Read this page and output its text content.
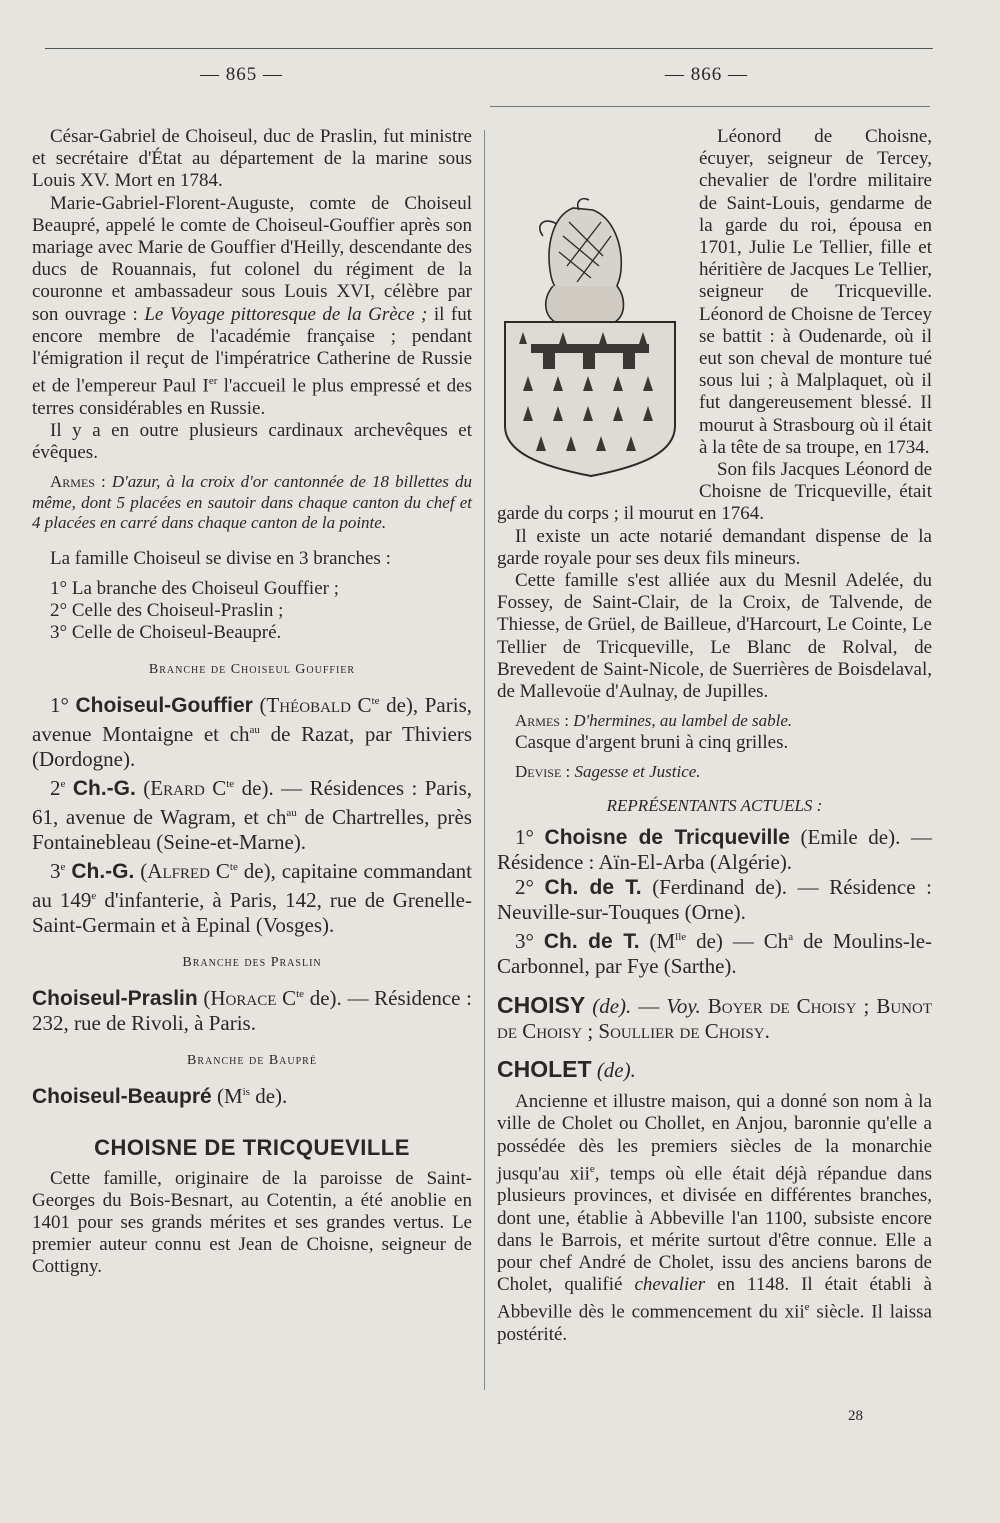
— 865 —	— 866 —

César-Gabriel de Choiseul, duc de Praslin, fut ministre et secrétaire d'État au département de la marine sous Louis XV. Mort en 1784.

Marie-Gabriel-Florent-Auguste, comte de Choiseul Beaupré, appelé le comte de Choiseul-Gouffier après son mariage avec Marie de Gouffier d'Heilly, descendante des ducs de Rouannais, fut colonel du régiment de la couronne et ambassadeur sous Louis XVI, célèbre par son ouvrage : Le Voyage pittoresque de la Grèce ; il fut encore membre de l'académie française ; pendant l'émigration il reçut de l'impératrice Catherine de Russie et de l'empereur Paul Ier l'accueil le plus empressé et des terres considérables en Russie.

Il y a en outre plusieurs cardinaux archevêques et évêques.

Armes : D'azur, à la croix d'or cantonnée de 18 billettes du même, dont 5 placées en sautoir dans chaque canton du chef et 4 placées en carré dans chaque canton de la pointe.

La famille Choiseul se divise en 3 branches :

1° La branche des Choiseul Gouffier ;

2° Celle des Choiseul-Praslin ;

3° Celle de Choiseul-Beaupré.

Branche de Choiseul Gouffier

1° Choiseul-Gouffier (Théobald $C^{te}$ de), Paris, avenue Montaigne et $ch^{au}$ de Razat, par Thiviers (Dordogne).

2e Ch.-G. (Erard $C^{te}$ de). — Résidences : Paris, 61, avenue de Wagram, et $ch^{au}$ de Chartrelles, près Fontainebleau (Seine-et-Marne).

3e Ch.-G. (Alfred $C^{te}$ de), capitaine commandant au 149e d'infanterie, à Paris, 142, rue de Grenelle-Saint-Germain et à Epinal (Vosges).

Branche des Praslin

Choiseul-Praslin (Horace $C^{te}$ de). — Résidence : 232, rue de Rivoli, à Paris.

Branche de Baupré

Choiseul-Beaupré ($M^{is}$ de).

CHOISNE DE TRICQUEVILLE

Cette famille, originaire de la paroisse de Saint-Georges du Bois-Besnart, au Cotentin, a été anoblie en 1401 pour ses grands mérites et ses grandes vertus. Le premier auteur connu est Jean de Choisne, seigneur de Cottigny.

Léonord de Choisne, écuyer, seigneur de Tercey, chevalier de l'ordre militaire de Saint-Louis, gendarme de la garde du roi, épousa en 1701, Julie Le Tellier, fille et héritière de Jacques Le Tellier, seigneur de Tricqueville. Léonord de Choisne de Tercey se battit : à Oudenarde, où il eut son cheval de monture tué sous lui ; à Malplaquet, où il fut dangereusement blessé. Il mourut à Strasbourg où il était à la tête de sa troupe, en 1734.

Son fils Jacques Léonord de Choisne de Tricqueville, était garde du corps ; il mourut en 1764.

Il existe un acte notarié demandant dispense de la garde royale pour ses deux fils mineurs.

Cette famille s'est alliée aux du Mesnil Adelée, du Fossey, de Saint-Clair, de la Croix, de Talvende, de Thiesse, de Grüel, de Bailleue, d'Harcourt, Le Cointe, Le Tellier de Tricqueville, Le Blanc de Rolval, de Brevedent de Saint-Nicole, de Suerrières de Boisdelaval, de Mallevoüe d'Aulnay, de Jupilles.

Armes : D'hermines, au lambel de sable.

Casque d'argent bruni à cinq grilles.

Devise : Sagesse et Justice.

REPRÉSENTANTS ACTUELS :

1° Choisne de Tricqueville (Emile de). — Résidence : Aïn-El-Arba (Algérie).

2° Ch. de T. (Ferdinand de). — Résidence : Neuville-sur-Touques (Orne).

3° Ch. de T. ($M^{lle}$ de) — Ch$^a$ de Moulins-le-Carbonnel, par Fye (Sarthe).

CHOISY (de). — Voy. Boyer de Choisy ; Bunot de Choisy ; Soullier de Choisy.

CHOLET (de).

Ancienne et illustre maison, qui a donné son nom à la ville de Cholet ou Chollet, en Anjou, baronnie qu'elle a possédée dès les premiers siècles de la monarchie jusqu'au xii$^e$, temps où elle était déjà répandue dans plusieurs provinces, et divisée en différentes branches, dont une, établie à Abbeville l'an 1100, subsiste encore dans le Barrois, et mérite surtout d'être connue. Elle a pour chef André de Cholet, issu des anciens barons de Cholet, qualifié chevalier en 1148. Il était établi à Abbeville dès le commencement du xii$^e$ siècle. Il laissa postérité.

28
